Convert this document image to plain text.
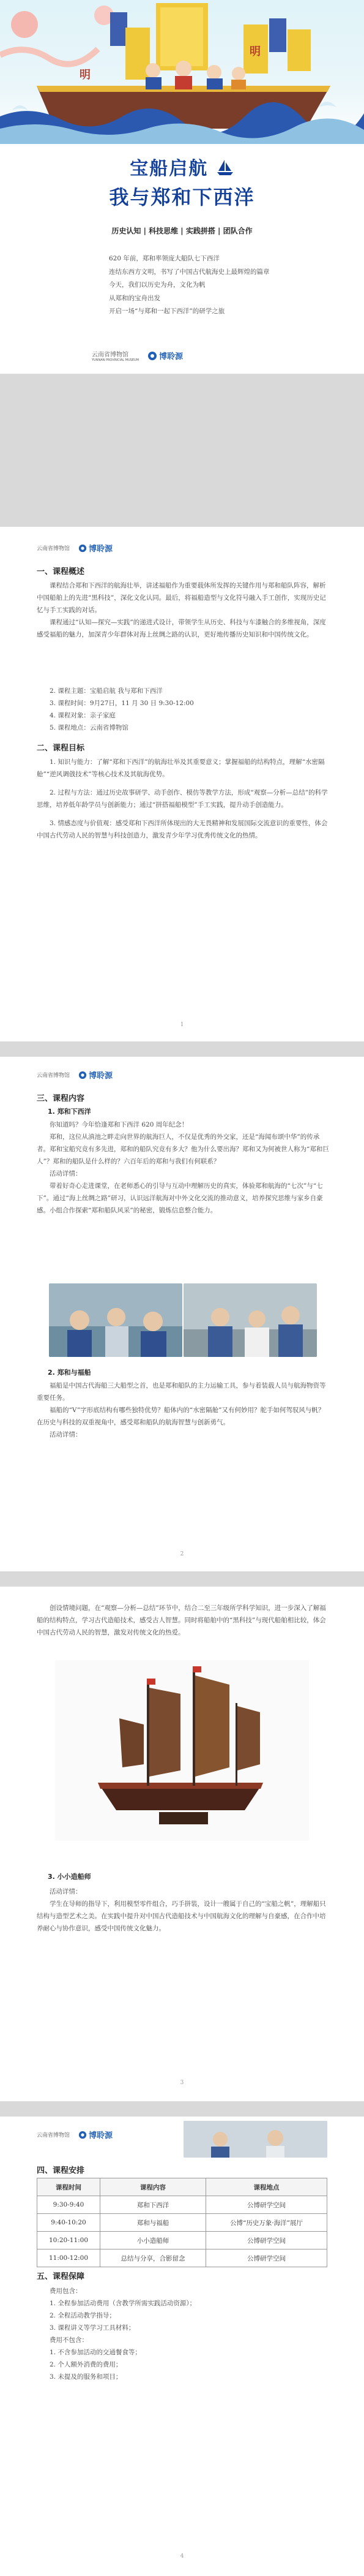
明
明
宝船启航
我与郑和下西洋
历史认知 | 科技思维 | 实践拼搭 | 团队合作

620 年前，郑和率领庞大船队七下西洋

连结东西方文明，书写了中国古代航海史上最辉煌的篇章

今天，我们以历史为舟，文化为帆

从郑和的宝舟出发

开启一场“与郑和一起下西洋”的研学之旅

云南省博物馆
YUNNAN PROVINCIAL MUSEUM	博聆源
云南省博物馆 博聆源
一、课程概述

课程结合郑和下西洋的航海壮举，讲述福船作为重要载体所发挥的关键作用与郑和船队阵容，解析中国船舶上的先进“黑科技”，深化文化认同。最后，将福船造型与文化符号融入手工创作，实现历史记忆与手工实践的对话。

课程通过“认知—探究—实践”的递进式设计，带领学生从历史、科技与车漆触合的多维视角，深度感受福船的魅力，加深青少年群体对海上丝绸之路的认识，更好地传播历史知识和中国传统文化。

2. 课程主题：宝船启航 我与郑和下西洋

3. 课程时间：9月27日，11 月 30 日 9:30-12:00

4. 课程对象：亲子家庭

5. 课程地点：云南省博物馆

二、课程目标

1. 知识与能力：了解“郑和下西洋”的航海壮举及其重要意义；掌握福船的结构特点，理解“水密隔舱”“逆风调戗技术”等核心技术及其航海优势。

2. 过程与方法：通过历史故事研学、动手创作、模仿等教学方法，形成“观察—分析—总结”的科学思维，培养低年龄学员与创新能力；通过“拼搭福船模型”手工实践，提升动手创造能力。

3. 情感态度与价值观：感受郑和下西洋所体现出的大无畏精神和发展国际交流意识的重要性，体会中国古代劳动人民的智慧与科技创造力，激发青少年学习优秀传统文化的热情。

1
云南省博物馆 博聆源
三、课程内容
1. 郑和下西洋

你知道吗？今年恰逢郑和下西洋 620 周年纪念！

郑和，这位从滇池之畔走向世界的航海巨人，不仅是优秀的外交家，还是“海闻布颂中华”的传承者。郑和宝船究竟有多先进，郑和的船队究竟有多大？他为什么要出海？郑和又为何被世人称为“郑和巨人”？郑和的船队是什么样的？六百年后的郑和与我们有何联系？

活动详情：

带着好奇心走进课堂，在老师悉心的引导与互动中理解历史的真实，体验郑和航海的“七次”与“七下”。通过“海上丝绸之路”研习，认识远洋航海对中外文化交流的推动意义，培养探究思维与家乡自豪感。小组合作探索“郑和船队风采”的秘密，锻炼信息整合能力。

2. 郑和与福船

福船是中国古代海船三大船型之首，也是郑和船队的主力运输工具，参与着装载人员与航海物资等重要任务。

福船的“V”字形底结构有哪些独特优势？船体内的“水密隔舱”又有何妙用？舵手如何驾驭风与帆？在历史与科技的双重视角中，感受郑和船队的航海智慧与创新勇气。

活动详情：

2

创设情境问题，在“观察—分析—总结”环节中，结合二至三年级所学科学知识，进一步深入了解福船的结构特点，学习古代造船技术，感受古人智慧。同时将船舶中的“黑科技”与现代船舶相比较，体会中国古代劳动人民的智慧，激发对传统文化的热爱。

3. 小小造船师

活动详情：

学生在导师的指导下，利用模型零件组合，巧手拼装，设计一艘属于自己的“宝船之帆”，理解船只结构与造型艺术之美。在实践中提升对中国古代造船技术与中国航海文化的理解与自豪感，在合作中培养耐心与协作意识，感受中国传统文化魅力。

3
云南省博物馆 博聆源
四、课程安排
课程时间	课程内容	课程地点
9:30-9:40	郑和下西洋	公博研学空间
9:40-10:20	郑和与福船	公博“历史万象·海洋”展厅
10:20-11:00	小小造船师	公博研学空间
11:00-12:00	总结与分享，合影留念	公博研学空间
五、课程保障

费用包含：

1. 全程参加活动费用（含教学所需实践活动资源）；

2. 全程活动教学指导；

3. 课程讲义等学习工具材料；

费用不包含：

1. 不含参加活动的交通餐食等；

2. 个人额外消费的费用；

3. 未提及的服务和项目；

4
